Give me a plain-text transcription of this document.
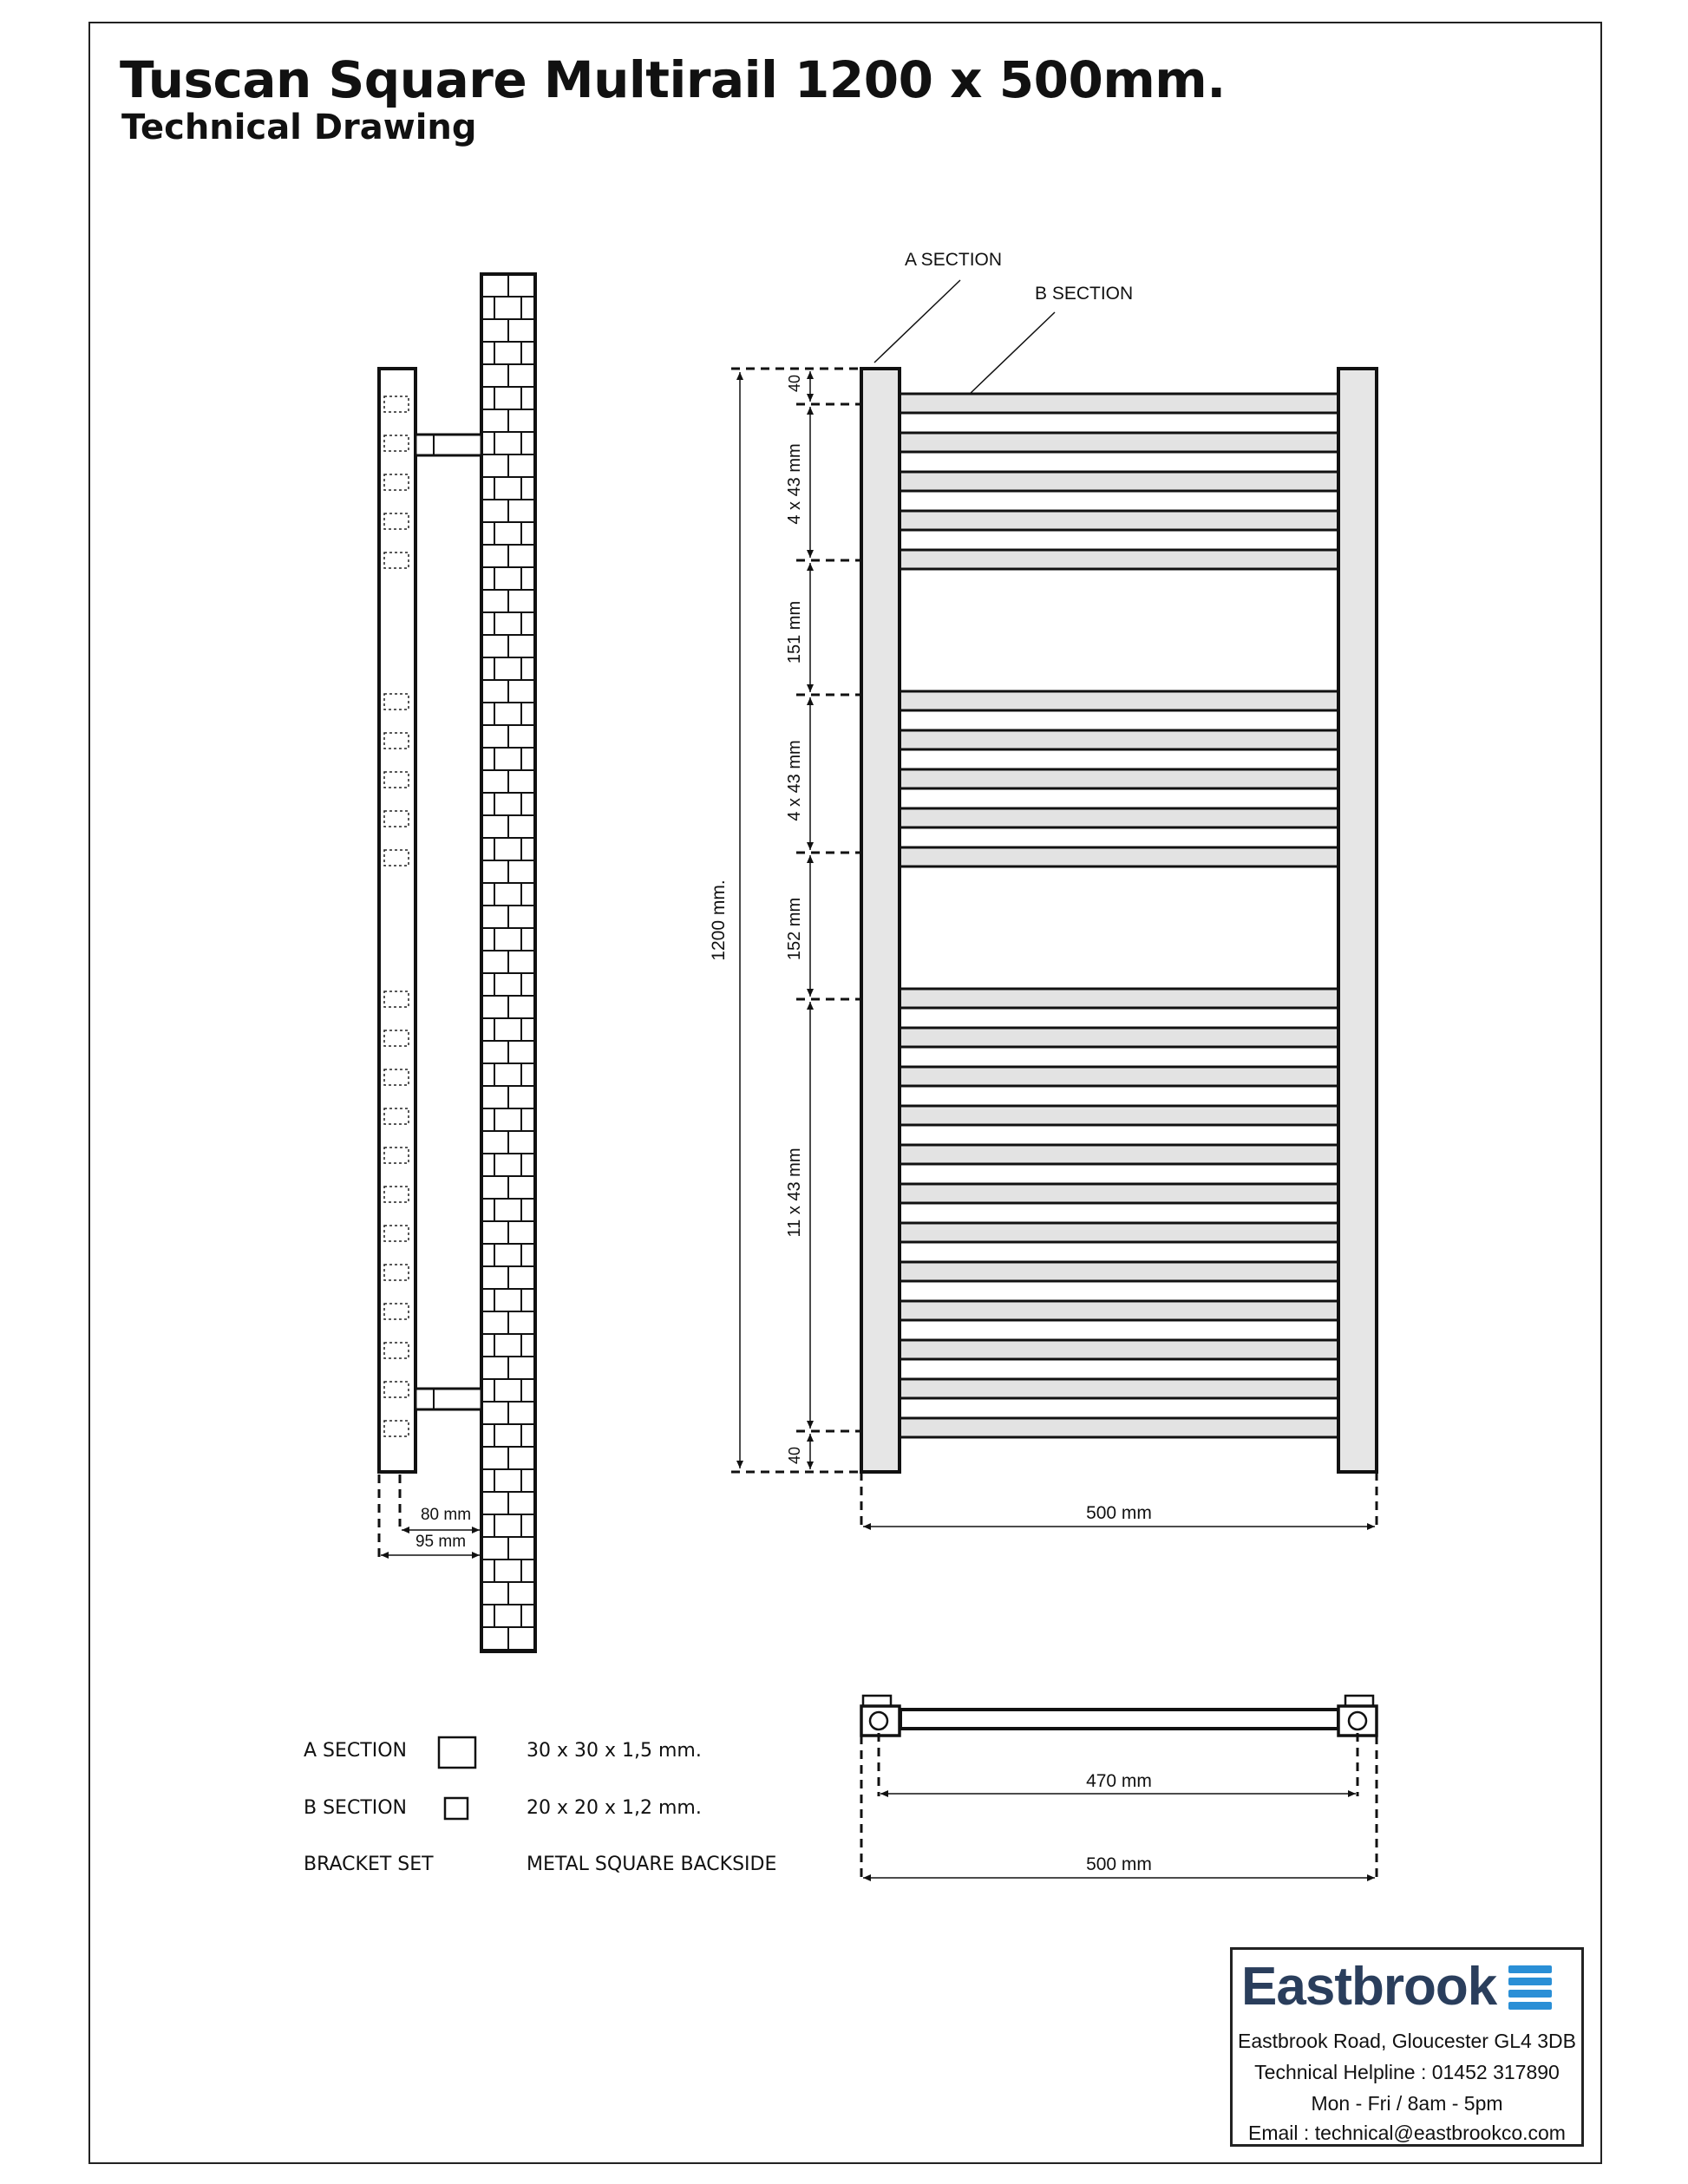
Tuscan Square Multirail 1200 x 500mm.
Technical Drawing
80 mm
95 mm
A SECTION
B SECTION
1200 mm.
40
4 x 43 mm
151 mm
4 x 43 mm
152 mm
11 x 43 mm
40
500 mm
470 mm
500 mm
A SECTION	30 x 30 x 1,5 mm.
B SECTION	20 x 20 x 1,2 mm.
BRACKET SET	METAL SQUARE BACKSIDE
Eastbrook
Eastbrook Road, Gloucester GL4 3DB
Technical Helpline : 01452 317890
Mon - Fri / 8am - 5pm
Email : technical@eastbrookco.com
